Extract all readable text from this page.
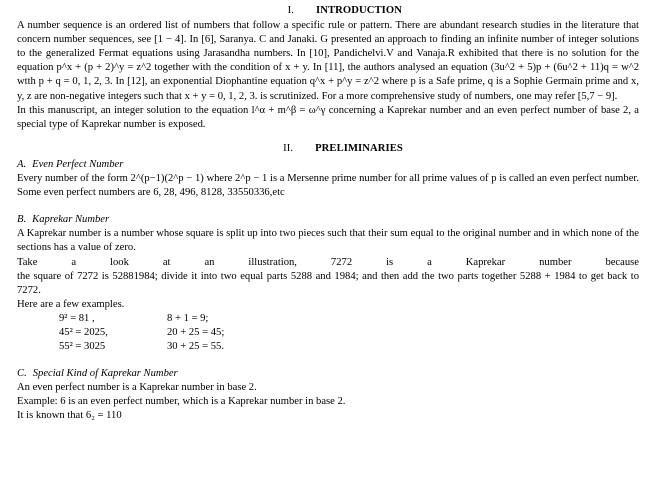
I. INTRODUCTION

A number sequence is an ordered list of numbers that follow a specific rule or pattern. There are abundant research studies in the literature that concern number sequences, see [1 − 4]. In [6], Saranya. C and Janaki. G presented an approach to finding an infinite number of integer solutions to the generalized Fermat equations using Jarasandha numbers. In [10], Pandichelvi.V and Vanaja.R exhibited that there is no solution for the equation p^x + (p + 2)^y = z^2 together with the condition of x + y. In [11], the authors analysed an equation (3u^2 + 5)p + (6u^2 + 11)q = w^2 wtth p + q = 0, 1, 2, 3. In [12], an exponential Diophantine equation q^x + p^y = z^2 where p is a Safe prime, q is a Sophie Germain prime and x, y, z are non-negative integers such that x + y = 0, 1, 2, 3. is scrutinized. For a more comprehensive study of numbers, one may refer [5,7 − 9].

In this manuscript, an integer solution to the equation l^α + m^β = ω^γ concerning a Kaprekar number and an even perfect number of base 2, a special type of Kaprekar number is exposed.

II. PRELIMINARIES
A. Even Perfect Number

Every number of the form 2^(p−1)(2^p − 1) where 2^p − 1 is a Mersenne prime number for all prime values of p is called an even perfect number. Some even perfect numbers are 6, 28, 496, 8128, 33550336,etc

B. Kaprekar Number

A Kaprekar number is a number whose square is split up into two pieces such that their sum equal to the original number and in which none of the sections has a value of zero.

Take	a	look	at	an	illustration,	7272	is	a	Kaprekar	number	because

the square of 7272 is 52881984; divide it into two equal parts 5288 and 1984; and then add the two parts together 5288 + 1984 to get back to 7272.

Here are a few examples.

9² = 81 ,	8 + 1 = 9;
45² = 2025,	20 + 25 = 45;
55² = 3025	30 + 25 = 55.
C. Special Kind of Kaprekar Number

An even perfect number is a Kaprekar number in base 2.

Example: 6 is an even perfect number, which is a Kaprekar number in base 2.

It is known that 6₂ = 110
